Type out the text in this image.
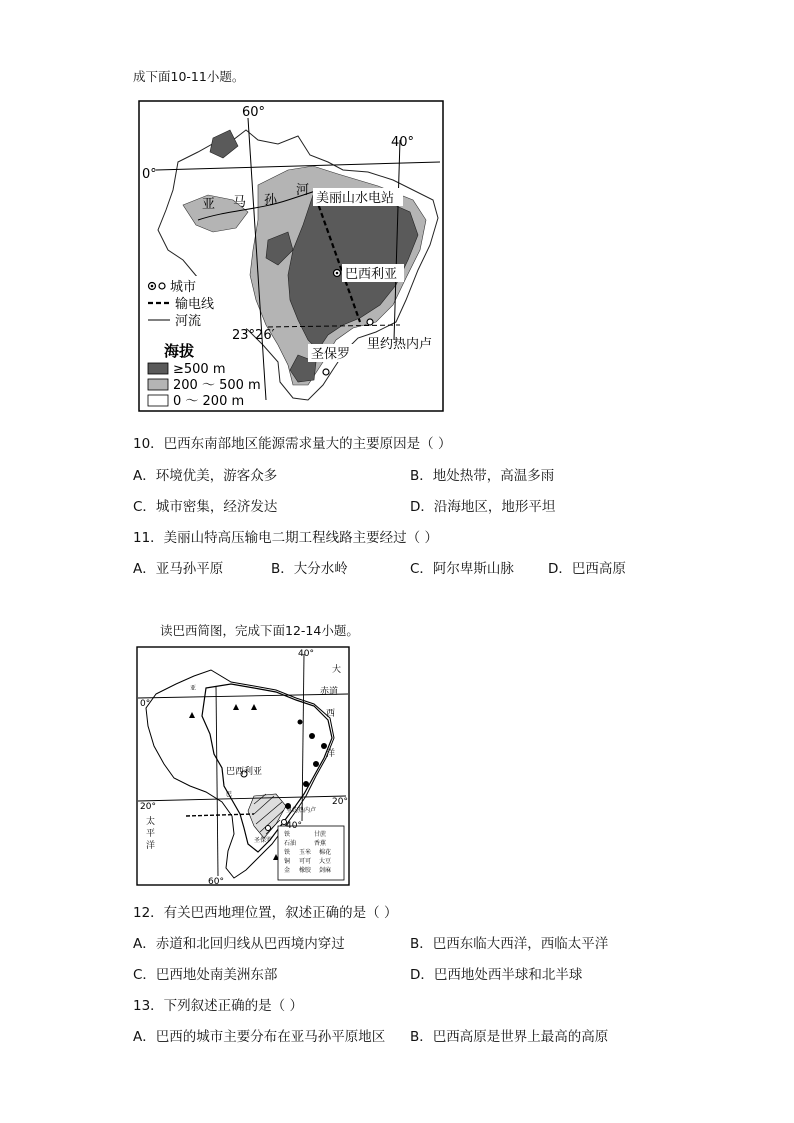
成下面10-11小题。
60°
40°
0°
亚 马 孙
河
美丽山水电站
巴西利亚
23°26′
里约热内卢
圣保罗
城市
输电线
河流
海拔
≥500 m
200 ～ 500 m
0 ～ 200 m
10．巴西东南部地区能源需求量大的主要原因是（ ）
A．环境优美，游客众多	B．地处热带，高温多雨
C．城市密集，经济发达	D．沿海地区，地形平坦
11．美丽山特高压输电二期工程线路主要经过（ ）
A．亚马孙平原	B．大分水岭	C．阿尔卑斯山脉	D．巴西高原
读巴西简图，完成下面12-14小题。
铁	甘蔗
石油	香蕉
铁 玉米 棉花
铜 可可 大豆
金 橡胶 剑麻
40°
0°
20°	20°
40°
60°
大
西
洋
赤道
太
平
洋
巴西利亚
亚
巴
里约热内卢
圣保罗
12．有关巴西地理位置，叙述正确的是（ ）
A．赤道和北回归线从巴西境内穿过	B．巴西东临大西洋，西临太平洋
C．巴西地处南美洲东部	D．巴西地处西半球和北半球
13．下列叙述正确的是（ ）
A．巴西的城市主要分布在亚马孙平原地区 B．巴西高原是世界上最高的高原
